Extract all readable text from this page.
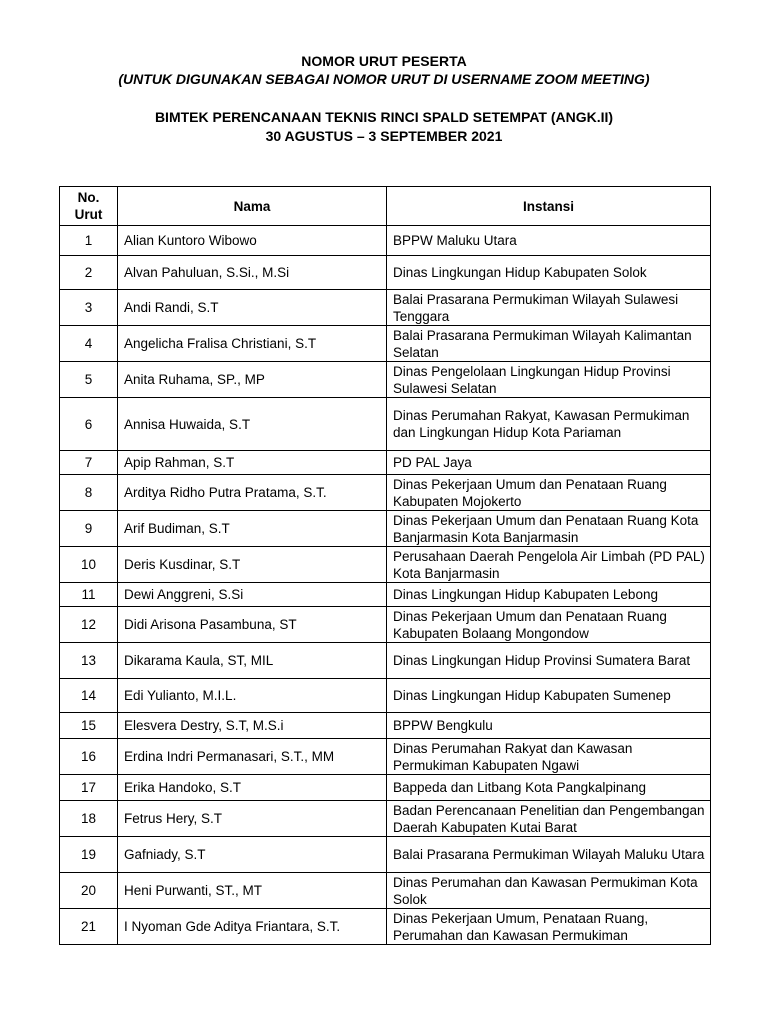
NOMOR URUT PESERTA
(UNTUK DIGUNAKAN SEBAGAI NOMOR URUT DI USERNAME ZOOM MEETING)
BIMTEK PERENCANAAN TEKNIS RINCI SPALD SETEMPAT (ANGK.II)
30 AGUSTUS – 3 SEPTEMBER 2021
No.
Urut	Nama	Instansi
1	Alian Kuntoro Wibowo	BPPW Maluku Utara
2	Alvan Pahuluan, S.Si., M.Si	Dinas Lingkungan Hidup Kabupaten Solok
3	Andi Randi, S.T	Balai Prasarana Permukiman Wilayah Sulawesi Tenggara
4	Angelicha Fralisa Christiani, S.T	Balai Prasarana Permukiman Wilayah Kalimantan Selatan
5	Anita Ruhama, SP., MP	Dinas Pengelolaan Lingkungan Hidup Provinsi Sulawesi Selatan
6	Annisa Huwaida, S.T	Dinas Perumahan Rakyat, Kawasan Permukiman dan Lingkungan Hidup Kota Pariaman
7	Apip Rahman, S.T	PD PAL Jaya
8	Arditya Ridho Putra Pratama, S.T.	Dinas Pekerjaan Umum dan Penataan Ruang Kabupaten Mojokerto
9	Arif Budiman, S.T	Dinas Pekerjaan Umum dan Penataan Ruang Kota Banjarmasin Kota Banjarmasin
10	Deris Kusdinar, S.T	Perusahaan Daerah Pengelola Air Limbah (PD PAL) Kota Banjarmasin
11	Dewi Anggreni, S.Si	Dinas Lingkungan Hidup Kabupaten Lebong
12	Didi Arisona Pasambuna, ST	Dinas Pekerjaan Umum dan Penataan Ruang Kabupaten Bolaang Mongondow
13	Dikarama Kaula, ST, MIL	Dinas Lingkungan Hidup Provinsi Sumatera Barat
14	Edi Yulianto, M.I.L.	Dinas Lingkungan Hidup Kabupaten Sumenep
15	Elesvera Destry, S.T, M.S.i	BPPW Bengkulu
16	Erdina Indri Permanasari, S.T., MM	Dinas Perumahan Rakyat dan Kawasan Permukiman Kabupaten Ngawi
17	Erika Handoko, S.T	Bappeda dan Litbang Kota Pangkalpinang
18	Fetrus Hery, S.T	Badan Perencanaan Penelitian dan Pengembangan Daerah Kabupaten Kutai Barat
19	Gafniady, S.T	Balai Prasarana Permukiman Wilayah Maluku Utara
20	Heni Purwanti, ST., MT	Dinas Perumahan dan Kawasan Permukiman Kota Solok
21	I Nyoman Gde Aditya Friantara, S.T.	Dinas Pekerjaan Umum, Penataan Ruang, Perumahan dan Kawasan Permukiman
